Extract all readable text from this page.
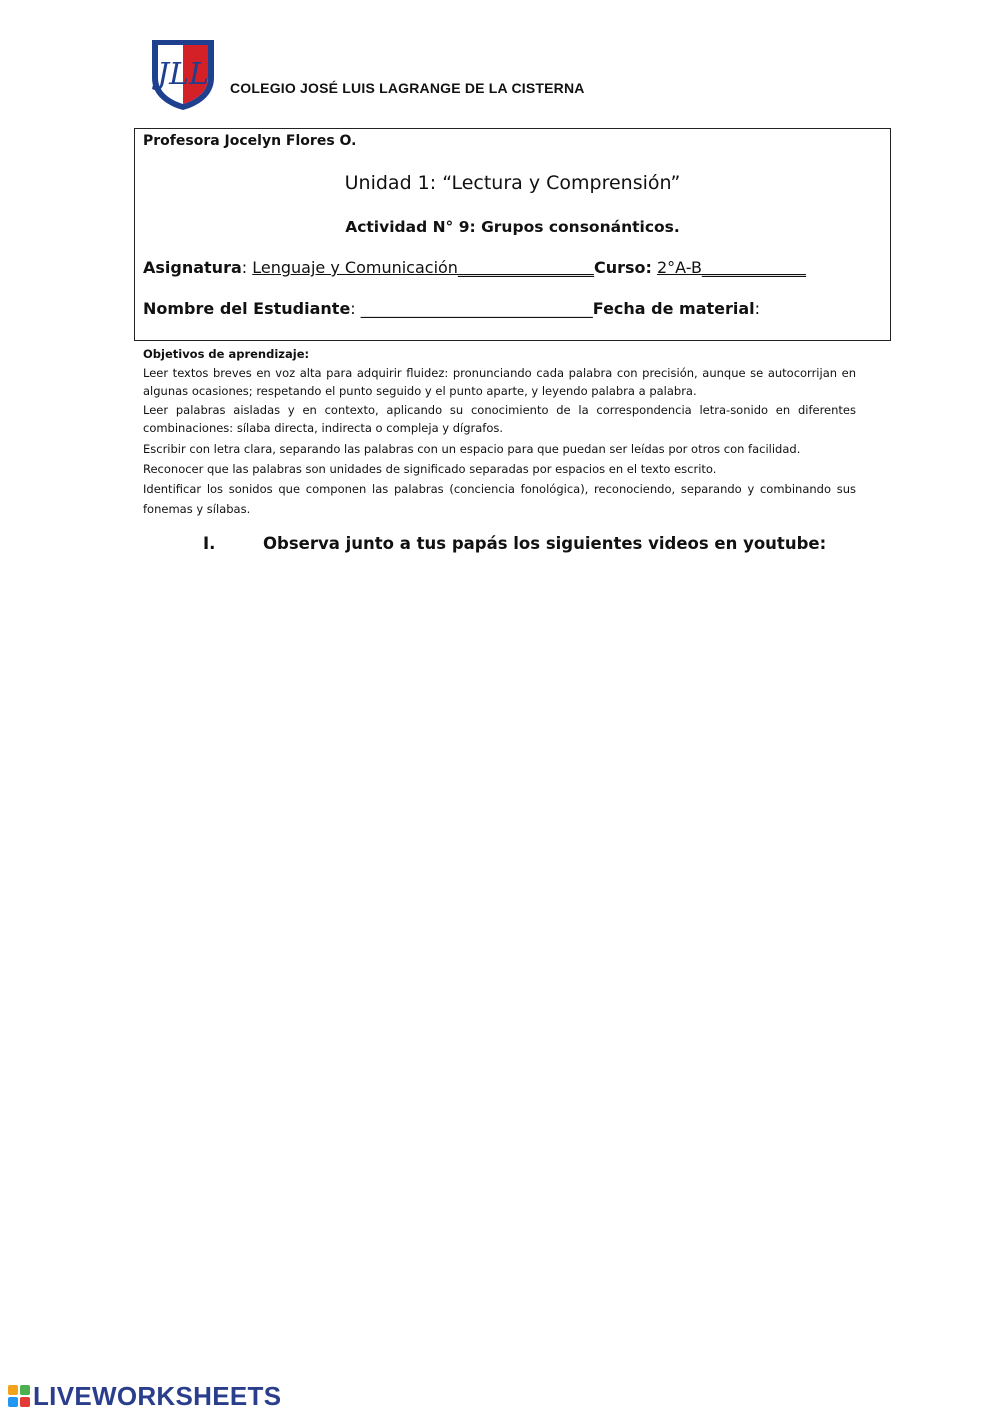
JLL COLEGIO JOSÉ LUIS LAGRANGE DE LA CISTERNA
Profesora Jocelyn Flores O.
Unidad 1: “Lectura y Comprensión”
Actividad N° 9: Grupos consonánticos.
Asignatura: Lenguaje y Comunicación_________________Curso: 2°A-B_____________
Nombre del Estudiante: _____________________________Fecha de material:
Objetivos de aprendizaje:

Leer textos breves en voz alta para adquirir fluidez: pronunciando cada palabra con precisión, aunque se autocorrijan en algunas ocasiones; respetando el punto seguido y el punto aparte, y leyendo palabra a palabra.

Leer palabras aisladas y en contexto, aplicando su conocimiento de la correspondencia letra-sonido en diferentes combinaciones: sílaba directa, indirecta o compleja y dígrafos.

Escribir con letra clara, separando las palabras con un espacio para que puedan ser leídas por otros con facilidad.

Reconocer que las palabras son unidades de significado separadas por espacios en el texto escrito.

Identificar los sonidos que componen las palabras (conciencia fonológica), reconociendo, separando y combinando sus fonemas y sílabas.

I.	Observa junto a tus papás los siguientes videos en youtube:
LIVEWORKSHEETS
